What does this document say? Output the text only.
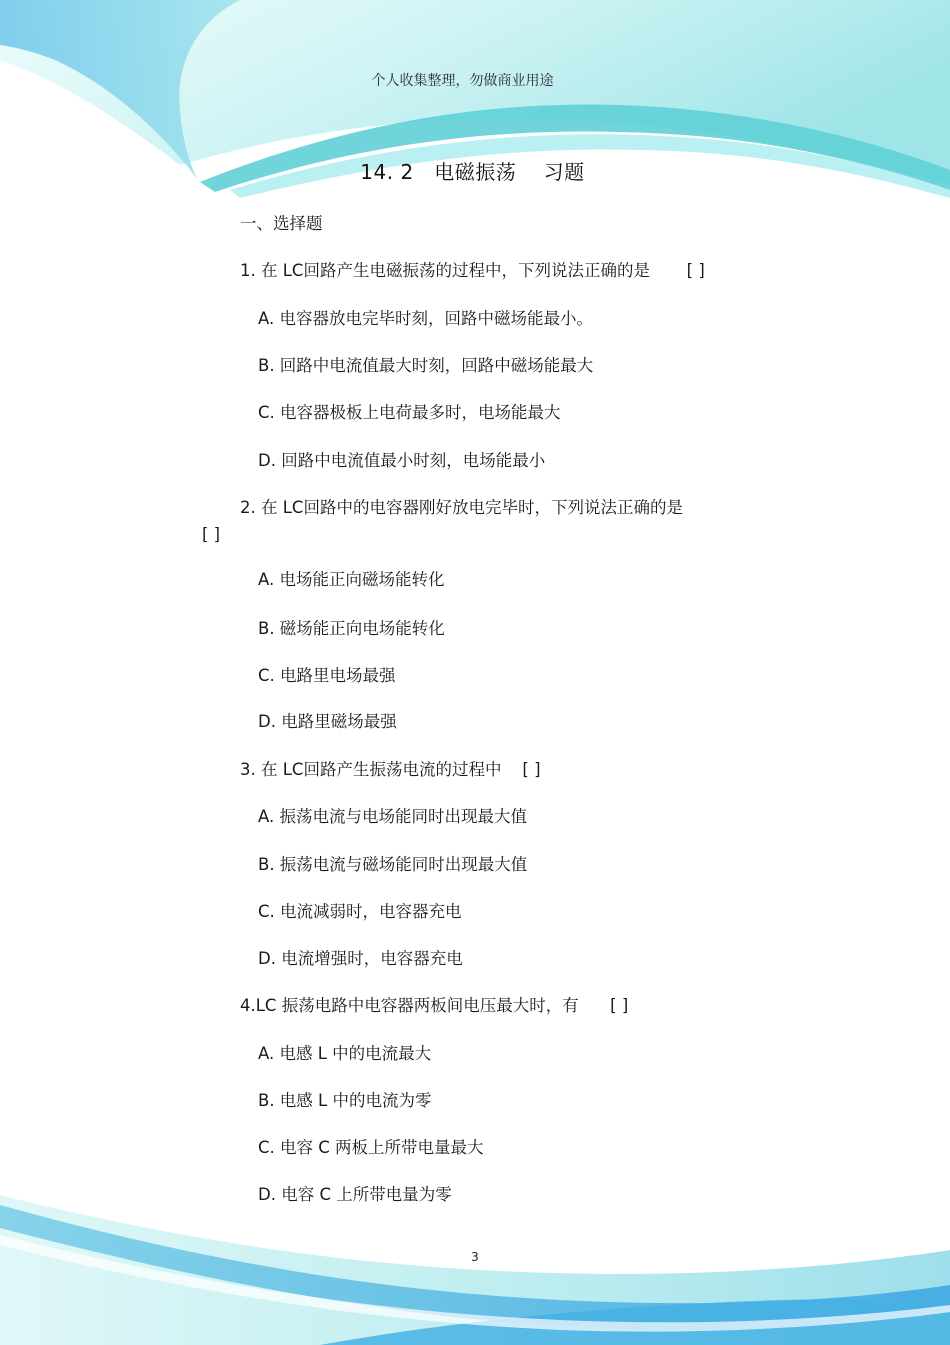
个人收集整理，勿做商业用途
14. 2   电磁振荡    习题
一、选择题
1. 在 LC回路产生电磁振荡的过程中，下列说法正确的是       [ ]
A. 电容器放电完毕时刻，回路中磁场能最小。
B. 回路中电流值最大时刻，回路中磁场能最大
C. 电容器极板上电荷最多时，电场能最大
D. 回路中电流值最小时刻，电场能最小
2. 在 LC回路中的电容器刚好放电完毕时，下列说法正确的是
[ ]
A. 电场能正向磁场能转化
B. 磁场能正向电场能转化
C. 电路里电场最强
D. 电路里磁场最强
3. 在 LC回路产生振荡电流的过程中    [ ]
A. 振荡电流与电场能同时出现最大值
B. 振荡电流与磁场能同时出现最大值
C. 电流减弱时，电容器充电
D. 电流增强时，电容器充电
4.LC 振荡电路中电容器两板间电压最大时，有      [ ]
A. 电感 L 中的电流最大
B. 电感 L 中的电流为零
C. 电容 C 两板上所带电量最大
D. 电容 C 上所带电量为零
3
